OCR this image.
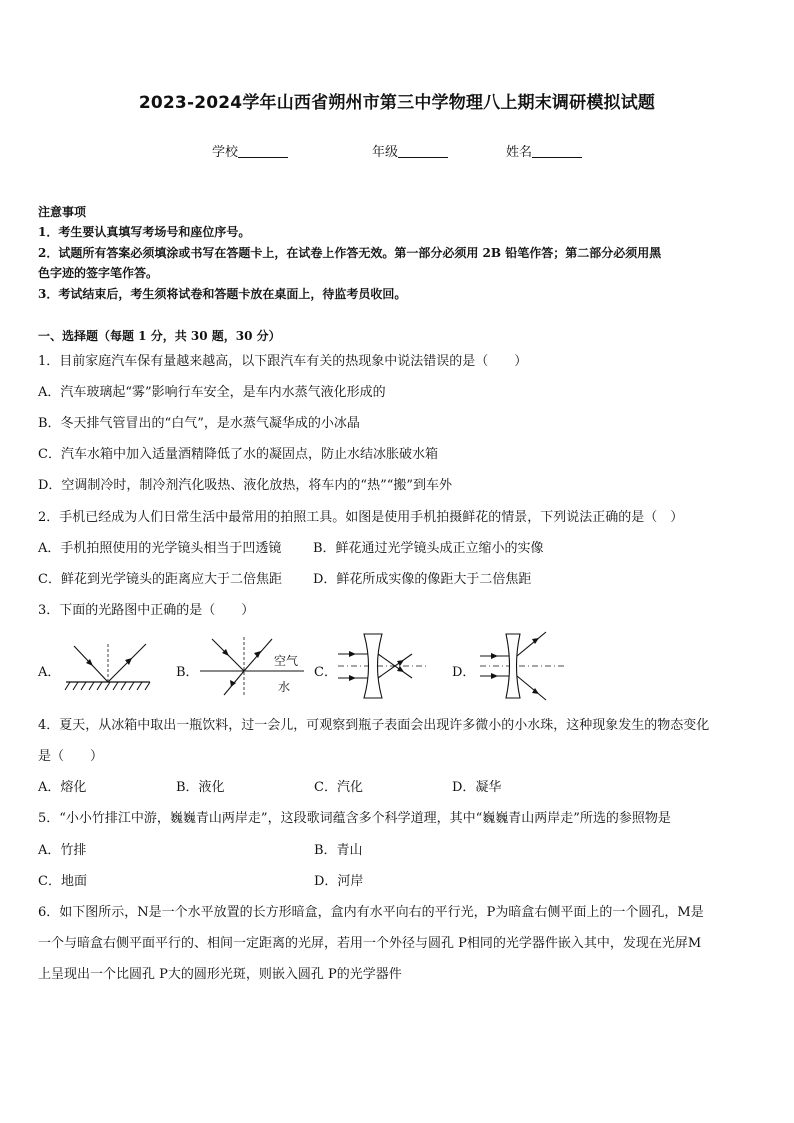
2023-2024学年山西省朔州市第三中学物理八上期末调研模拟试题
学校	年级	姓名
注意事项
1．考生要认真填写考场号和座位序号。
2．试题所有答案必须填涂或书写在答题卡上，在试卷上作答无效。第一部分必须用 2B 铅笔作答；第二部分必须用黑
色字迹的签字笔作答。
3．考试结束后，考生须将试卷和答题卡放在桌面上，待监考员收回。
一、选择题（每题 1 分，共 30 题，30 分）
1．目前家庭汽车保有量越来越高，以下跟汽车有关的热现象中说法错误的是（　　）
A．汽车玻璃起“雾”影响行车安全，是车内水蒸气液化形成的
B．冬天排气管冒出的“白气”，是水蒸气凝华成的小冰晶
C．汽车水箱中加入适量酒精降低了水的凝固点，防止水结冰胀破水箱
D．空调制冷时，制冷剂汽化吸热、液化放热，将车内的“热”“搬”到车外
2．手机已经成为人们日常生活中最常用的拍照工具。如图是使用手机拍摄鲜花的情景，下列说法正确的是（　）
A．手机拍照使用的光学镜头相当于凹透镜 B．鲜花通过光学镜头成正立缩小的实像
C．鲜花到光学镜头的距离应大于二倍焦距 D．鲜花所成实像的像距大于二倍焦距
3．下面的光路图中正确的是（　　）
A．	B．
空气
水
C．	D．
4．夏天，从冰箱中取出一瓶饮料，过一会儿，可观察到瓶子表面会出现许多微小的小水珠，这种现象发生的物态变化
是（　　）
A．熔化	B．液化	C．汽化	D．凝华
5．“小小竹排江中游，巍巍青山两岸走”，这段歌词蕴含多个科学道理，其中“巍巍青山两岸走”所选的参照物是
A．竹排	B．青山
C．地面	D．河岸
6．如下图所示，N是一个水平放置的长方形暗盒，盒内有水平向右的平行光，P为暗盒右侧平面上的一个圆孔，M是
一个与暗盒右侧平面平行的、相间一定距离的光屏，若用一个外径与圆孔 P相同的光学器件嵌入其中，发现在光屏M
上呈现出一个比圆孔 P大的圆形光斑，则嵌入圆孔 P的光学器件
